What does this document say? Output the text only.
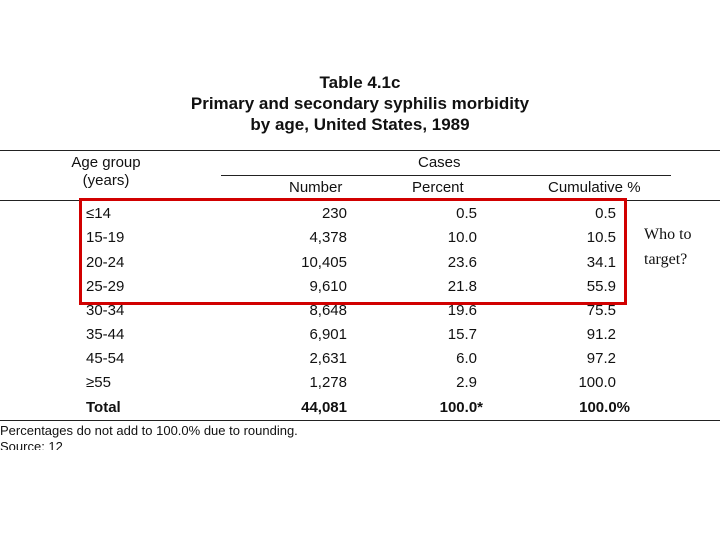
Table 4.1c
Primary and secondary syphilis morbidity
by age, United States, 1989
Age group
(years)
Cases
Number	Percent	Cumulative %
≤14	230	0.5	0.5
15-19	4,378	10.0	10.5
20-24	10,405	23.6	34.1
25-29	9,610	21.8	55.9
30-34	8,648	19.6	75.5
35-44	6,901	15.7	91.2
45-54	2,631	6.0	97.2
≥55	1,278	2.9	100.0
Total	44,081	100.0*	100.0%
Who to
target?
Percentages do not add to 100.0% due to rounding.
Source: 12
